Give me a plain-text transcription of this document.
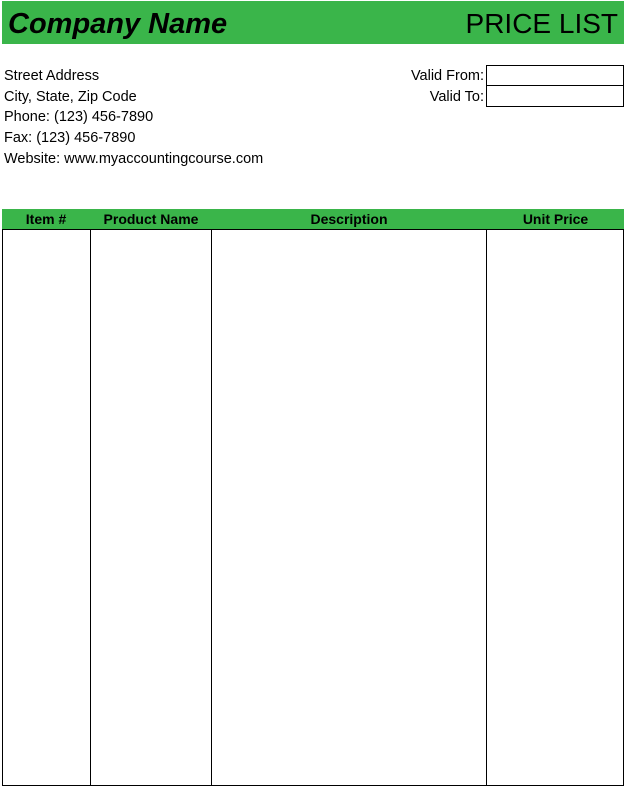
Company Name	PRICE LIST
Street Address
City, State, Zip Code
Phone: (123) 456-7890
Fax: (123) 456-7890
Website: www.myaccountingcourse.com
Valid From:
Valid To:
Item #	Product Name	Description	Unit Price
